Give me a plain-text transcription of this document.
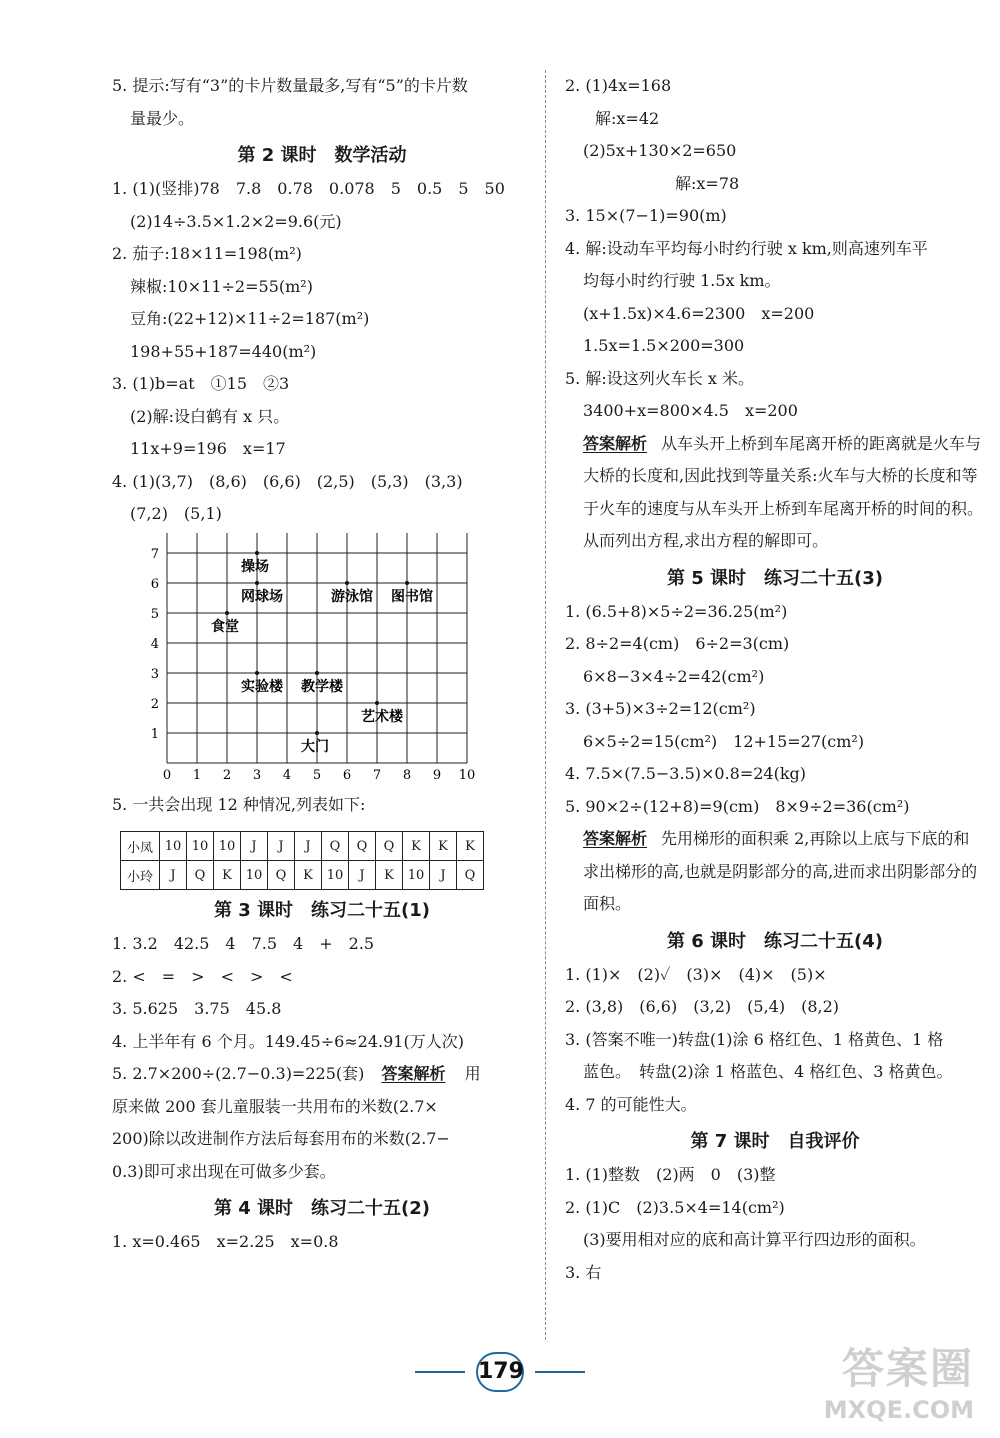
5. 提示:写有“3”的卡片数量最多,写有“5”的卡片数
量最少。
第 2 课时　数学活动
1. (1)(竖排)78　7.8　0.78　0.078　5　0.5　5　50
(2)14÷3.5×1.2×2=9.6(元)
2. 茄子:18×11=198(m²)
辣椒:10×11÷2=55(m²)
豆角:(22+12)×11÷2=187(m²)
198+55+187=440(m²)
3. (1)b=at　①15　②3
(2)解:设白鹤有 x 只。
11x+9=196　x=17
4. (1)(3,7)　(8,6)　(6,6)　(2,5)　(5,3)　(3,3)
(7,2)　(5,1)
0 1 2 3 4 5 6 7 8 9 10
1
2
3
4
5
6
7
操场
网球场	游泳馆 图书馆
食堂
实验楼 教学楼
艺术楼
大门
5. 一共会出现 12 种情况,列表如下:
小凤	10	10	10	J	J	J	Q	Q	Q	K	K	K
小玲	J	Q	K	10	Q	K	10	J	K	10	J	Q
第 3 课时　练习二十五(1)
1. 3.2　42.5　4　7.5　4　+　2.5
2. <　=　>　<　>　<
3. 5.625　3.75　45.8
4. 上半年有 6 个月。149.45÷6≈24.91(万人次)
5. 2.7×200÷(2.7−0.3)=225(套) 答案解析 用
原来做 200 套儿童服装一共用布的米数(2.7×
200)除以改进制作方法后每套用布的米数(2.7−
0.3)即可求出现在可做多少套。
第 4 课时　练习二十五(2)
1. x=0.465　x=2.25　x=0.8
2. (1)4x=168
解:x=42
(2)5x+130×2=650
解:x=78
3. 15×(7−1)=90(m)
4. 解:设动车平均每小时约行驶 x km,则高速列车平
均每小时约行驶 1.5x km。
(x+1.5x)×4.6=2300　x=200
1.5x=1.5×200=300
5. 解:设这列火车长 x 米。
3400+x=800×4.5　x=200
答案解析 从车头开上桥到车尾离开桥的距离就是火车与大桥的长度和,因此找到等量关系:火车与大桥的长度和等于火车的速度与从车头开上桥到车尾离开桥的时间的积。从而列出方程,求出方程的解即可。
第 5 课时　练习二十五(3)
1. (6.5+8)×5÷2=36.25(m²)
2. 8÷2=4(cm)　6÷2=3(cm)
6×8−3×4÷2=42(cm²)
3. (3+5)×3÷2=12(cm²)
6×5÷2=15(cm²)　12+15=27(cm²)
4. 7.5×(7.5−3.5)×0.8=24(kg)
5. 90×2÷(12+8)=9(cm)　8×9÷2=36(cm²)
答案解析 先用梯形的面积乘 2,再除以上底与下底的和求出梯形的高,也就是阴影部分的高,进而求出阴影部分的面积。
第 6 课时　练习二十五(4)
1. (1)×　(2)✓　(3)×　(4)×　(5)×
2. (3,8)　(6,6)　(3,2)　(5,4)　(8,2)
3. (答案不唯一)转盘(1)涂 6 格红色、1 格黄色、1 格
蓝色。　转盘(2)涂 1 格蓝色、4 格红色、3 格黄色。
4. 7 的可能性大。
第 7 课时　自我评价
1. (1)整数　(2)两　0　(3)整
2. (1)C　(2)3.5×4=14(cm²)
(3)要用相对应的底和高计算平行四边形的面积。
3. 右
179	答案圈
MXQE.COM
